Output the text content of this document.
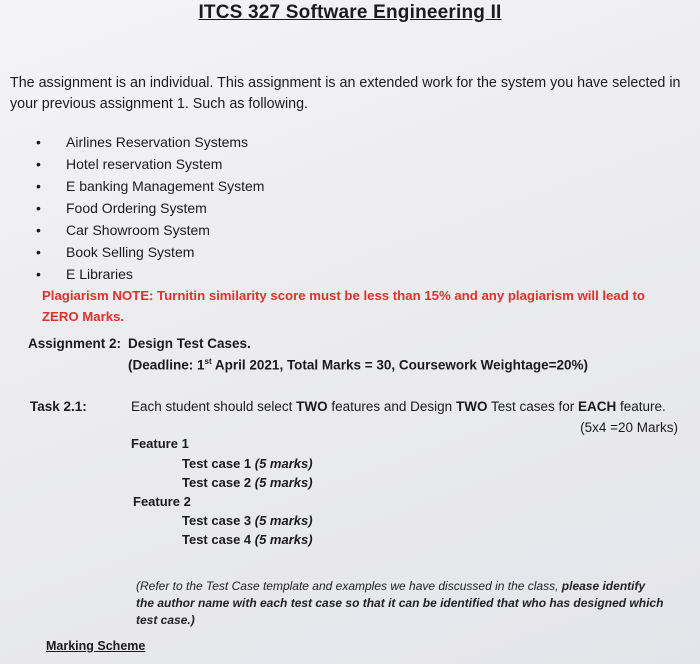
ITCS 327 Software Engineering II
The assignment is an individual. This assignment is an extended work for the system you have selected in your previous assignment 1. Such as following.
• Airlines Reservation Systems
• Hotel reservation System
• E banking Management System
• Food Ordering System
• Car Showroom System
• Book Selling System
• E Libraries
Plagiarism NOTE: Turnitin similarity score must be less than 15% and any plagiarism will lead to ZERO Marks.
Assignment 2: Design Test Cases.
(Deadline: 1st April 2021, Total Marks = 30, Coursework Weightage=20%)
Task 2.1:	Each student should select TWO features and Design TWO Test cases for EACH feature.
(5x4 =20 Marks)
Feature 1
Test case 1 (5 marks)
Test case 2 (5 marks)
Feature 2
Test case 3 (5 marks)
Test case 4 (5 marks)
(Refer to the Test Case template and examples we have discussed in the class, please identify the author name with each test case so that it can be identified that who has designed which test case.)
Marking Scheme
